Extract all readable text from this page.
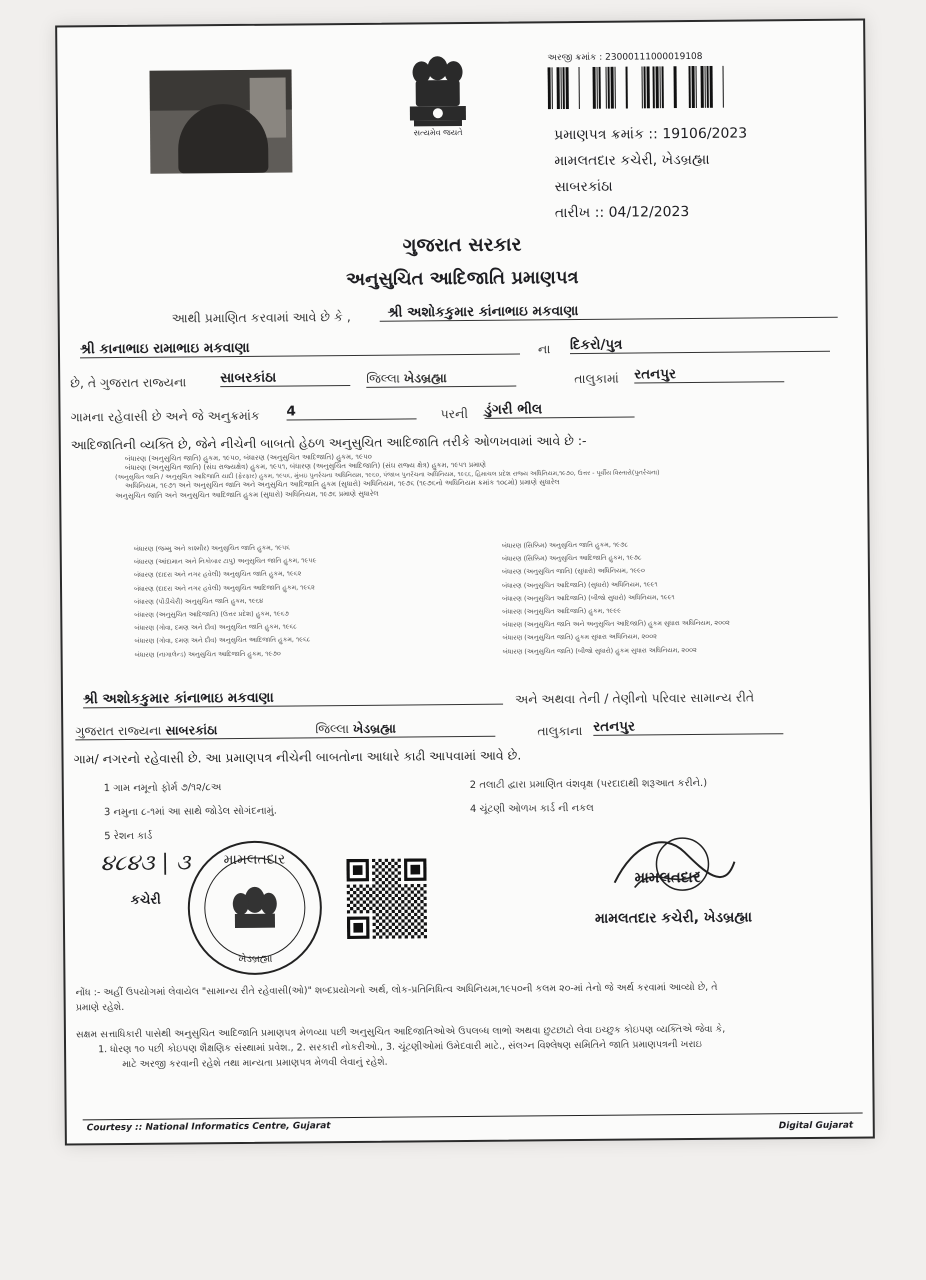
સત્યમેવ જયતે
અરજી ક્રમાંક : 23000111000019108
પ્રમાણપત્ર ક્રમાંક :: 19106/2023
મામલતદાર કચેરી, ખેડબ્રહ્મા
સાબરકાંઠા
તારીખ :: 04/12/2023
ગુજરાત સરકાર
અનુસુચિત આદિજાતિ પ્રમાણપત્ર
આથી પ્રમાણિત કરવામાં આવે છે કે ,	શ્રી અશોકકુમાર કાંનાભાઇ મકવાણા
શ્રી કાનાભાઇ રામાભાઇ મકવાણા	ના દિકરો/પુત્ર
છે, તે ગુજરાત રાજ્યના	સાબરકાંઠા	જિલ્લા ખેડબ્રહ્મા	તાલુકામાં રતનપુર
ગામના રહેવાસી છે અને જે અનુક્રમાંક 4	પરની ડુંગરી ભીલ
આદિજાતિની વ્યક્તિ છે, જેને નીચેની બાબતો હેઠળ અનુસુચિત આદિજાતિ તરીકે ઓળખવામાં આવે છે :-
બંધારણ (અનુસુચિત જાતિ) હુકમ, ૧૯૫૦, બંધારણ (અનુસુચિત આદિજાતિ) હુકમ, ૧૯૫૦
બંધારણ (અનુસુચિત જાતિ) (સંઘ રાજ્યક્ષેત્ર) હુકમ, ૧૯૫૧, બંધારણ (અનુસુચિત આદિજાતિ) (સંઘ રાજ્ય ક્ષેત્ર) હુકમ, ૧૯૫૧ પ્રમાણે
(અનુસુચિત જાતિ / અનુસુચિત આદિજાતિ યાદી (ફેરફાર) હુકમ, ૧૯૫૬, મુંબઇ પુનર્રચના અધિનિયમ, ૧૯૬૦, પંજાબ પુનર્રચના અધિનિયમ, ૧૯૬૬, હિમાચલ પ્રદેશ રાજ્ય અધિનિયમ,૧૯૭૦, ઉત્તર - પૂર્વીય વિસ્તારો(પુનર્રચના)
અધિનિયમ, ૧૯૭૧ અને અનુસુચિત જાતિ અને અનુસુચિત આદિજાતિ હુકમ (સુધારો) અધિનિયમ, ૧૯૭૬ (૧૯૭૬નો અધિનિયમ ક્રમાંક ૧૦૮મો) પ્રમાણે સુધારેલ
અનુસુચિત જાતિ અને અનુસુચિત આદિજાતિ હુકમ (સુધારો) અધિનિયમ, ૧૯૭૬ પ્રમાણે સુધારેલ
બંધારણ (જમ્મુ અને કાશ્મીર) અનુસુચિત જાતિ હુકમ, ૧૯૫૬
બંધારણ (આંદામાન અને નિકોબાર ટાપુ) અનુસુચિત જાતિ હુકમ, ૧૯૫૯
બંધારણ (દાદરા અને નગર હવેલી) અનુસુચિત જાતિ હુકમ, ૧૯૬૨
બંધારણ (દાદરા અને નગર હવેલી) અનુસુચિત આદિજાતિ હુકમ, ૧૯૬૨
બંધારણ (પોંડીચેરી) અનુસુચિત જાતિ હુકમ, ૧૯૬૪
બંધારણ (અનુસુચિત આદિજાતિ) (ઉત્તર પ્રદેશ) હુકમ, ૧૯૬૭
બંધારણ (ગોવા, દમણ અને દીવ) અનુસુચિત જાતિ હુકમ, ૧૯૬૮
બંધારણ (ગોવા, દમણ અને દીવ) અનુસુચિત આદિજાતિ હુકમ, ૧૯૬૮
બંધારણ (નાગાલેન્ડ) અનુસુચિત આદિજાતિ હુકમ, ૧૯૭૦
બંધારણ (સિક્કિમ) અનુસુચિત જાતિ હુકમ, ૧૯૭૮
બંધારણ (સિક્કિમ) અનુસુચિત આદિજાતિ હુકમ, ૧૯૭૮
બંધારણ (અનુસુચિત જાતિ) (સુધારો) અધિનિયમ, ૧૯૯૦
બંધારણ (અનુસુચિત આદિજાતિ) (સુધારો) અધિનિયમ, ૧૯૯૧
બંધારણ (અનુસુચિત આદિજાતિ) (બીજો સુધારો) અધિનિયમ, ૧૯૯૧
બંધારણ (અનુસુચિત આદિજાતિ) હુકમ, ૧૯૯૯
બંધારણ (અનુસુચિત જાતિ અને અનુસુચિત આદિજાતિ) હુકમ સુધારા અધિનિયમ, ૨૦૦૨
બંધારણ (અનુસુચિત જાતિ) હુકમ સુધારા અધિનિયમ, ૨૦૦૨
બંધારણ (અનુસુચિત જાતિ) (બીજો સુધારો) હુકમ સુધારા અધિનિયમ, ૨૦૦૨
શ્રી અશોકકુમાર કાંનાભાઇ મકવાણા	અને અથવા તેની / તેણીનો પરિવાર સામાન્ય રીતે
ગુજરાત રાજ્યના સાબરકાંઠા	જિલ્લા ખેડબ્રહ્મા	તાલુકાના રતનપુર
ગામ/ નગરનો રહેવાસી છે. આ પ્રમાણપત્ર નીચેની બાબતોના આધારે કાઢી આપવામાં આવે છે.
1 ગામ નમૂનો ફોર્મ ૭/૧૨/૮અ	2 તલાટી દ્વારા પ્રમાણિત વંશવૃક્ષ (પરદાદાથી શરૂઆત કરીને.)
3 નમુના ૮-૧માં આ સાથે જોડેલ સોગંદનામું.	4 ચૂંટણી ઓળખ કાર્ડ ની નકલ
5 રેશન કાર્ડ
૪૮૪૩ | ૩ મામલતદાર
ખેડબ્રહ્મા
કચેરી
મામલતદાર
મામલતદાર કચેરી, ખેડબ્રહ્મા
નોંધ :- અહીં ઉપયોગમાં લેવાયેલ "સામાન્ય રીતે રહેવાસી(ઓ)" શબ્દપ્રયોગનો અર્થ, લોક-પ્રતિનિધિત્વ અધિનિયમ,૧૯૫૦ની કલમ ૨૦-માં તેનો જે અર્થ કરવામાં આવ્યો છે, તે
પ્રમાણે રહેશે.
સક્ષમ સત્તાધિકારી પાસેથી અનુસુચિત આદિજાતિ પ્રમાણપત્ર મેળવ્યા પછી અનુસુચિત આદિજાતિઓએ ઉપલબ્ધ લાભો અથવા છુટછાટો લેવા ઇચ્છુક કોઇપણ વ્યક્તિએ જેવા કે,
1. ધોરણ ૧૦ પછી કોઇપણ શૈક્ષણિક સંસ્થામાં પ્રવેશ., 2. સરકારી નોકરીઓ., 3. ચૂંટણીઓમાં ઉમેદવારી માટે., સંલગ્ન વિશ્લેષણ સમિતિને જાતિ પ્રમાણપત્રની ખરાઇ
માટે અરજી કરવાની રહેશે તથા માન્યતા પ્રમાણપત્ર મેળવી લેવાનું રહેશે.
Courtesy :: National Informatics Centre, Gujarat	Digital Gujarat
